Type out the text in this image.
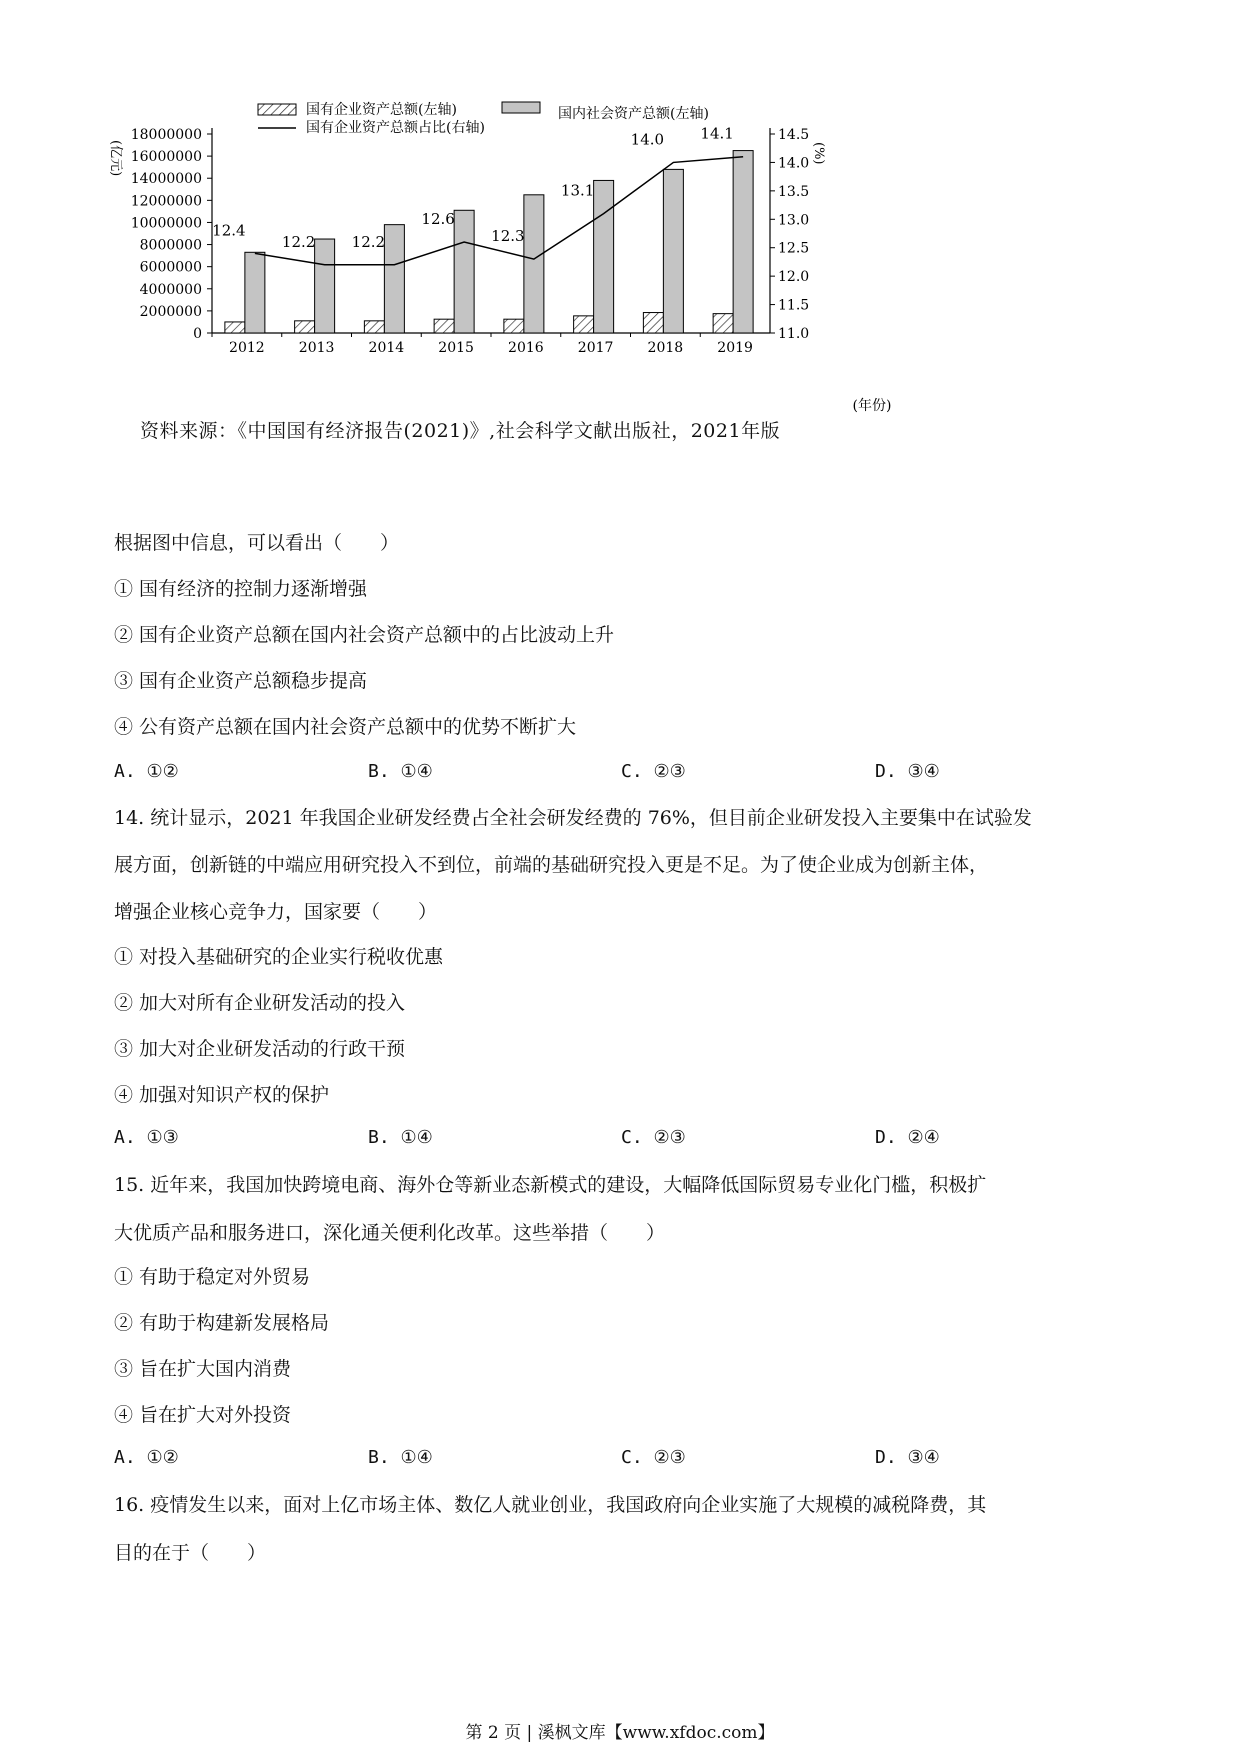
国有企业资产总额(左轴)	国内社会资产总额(左轴)
国有企业资产总额占比(右轴)
(亿元)	(%)
(年份)
0
2000000
4000000
6000000
8000000
10000000
12000000
14000000
16000000
18000000
11.0
11.5
12.0
12.5
13.0
13.5
14.0
14.5
2012 2013 2014 2015 2016 2017 2018 2019
12.4
12.2 12.2
12.6
12.3
13.1
14.0 14.1
资料来源：《中国国有经济报告(2021)》,社会科学文献出版社，2021年版
根据图中信息，可以看出（　　）
① 国有经济的控制力逐渐增强
② 国有企业资产总额在国内社会资产总额中的占比波动上升
③ 国有企业资产总额稳步提高
④ 公有资产总额在国内社会资产总额中的优势不断扩大
A. ①②	B. ①④	C. ②③	D. ③④
14. 统计显示，2021 年我国企业研发经费占全社会研发经费的 76%，但目前企业研发投入主要集中在试验发
展方面，创新链的中端应用研究投入不到位，前端的基础研究投入更是不足。为了使企业成为创新主体，
增强企业核心竞争力，国家要（　　）
① 对投入基础研究的企业实行税收优惠
② 加大对所有企业研发活动的投入
③ 加大对企业研发活动的行政干预
④ 加强对知识产权的保护
A. ①③	B. ①④	C. ②③	D. ②④
15. 近年来，我国加快跨境电商、海外仓等新业态新模式的建设，大幅降低国际贸易专业化门槛，积极扩
大优质产品和服务进口，深化通关便利化改革。这些举措（　　）
① 有助于稳定对外贸易
② 有助于构建新发展格局
③ 旨在扩大国内消费
④ 旨在扩大对外投资
A. ①②	B. ①④	C. ②③	D. ③④
16. 疫情发生以来，面对上亿市场主体、数亿人就业创业，我国政府向企业实施了大规模的减税降费，其
目的在于（　　）
第 2 页 | 溪枫文库【www.xfdoc.com】
